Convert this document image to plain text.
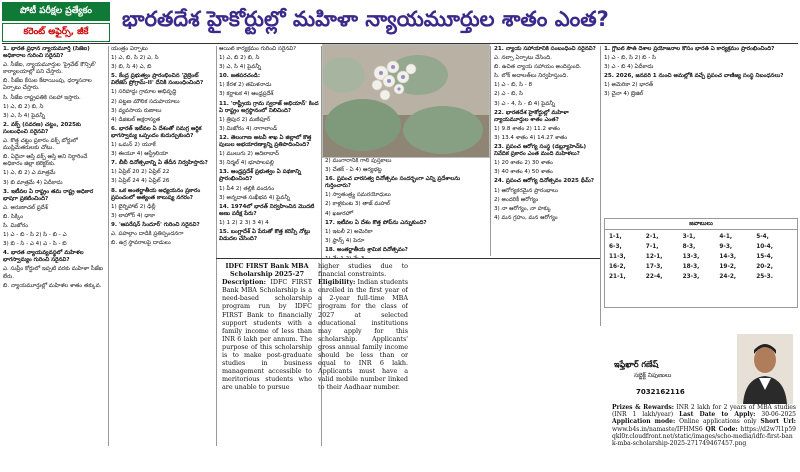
పోటీ పరీక్షల ప్రత్యేకం
కరెంట్ అఫైర్స్, జీకే
భారతదేశ హైకోర్టుల్లో మహిళా న్యాయమూర్తుల శాతం ఎంత?

1. భారత ప్రధాన న్యాయమూర్తి (సీజేఐ) అధికారాల గురించి సరైనవి?

ఎ. సీజేఐ, న్యాయమూర్తుల 'ప్రైవేట్ కౌన్సిల్' కార్యాలయాల్లో పని చేస్తారు.

బి. సీజేఐ కేసుల కేటాయింపు, ధర్మాసనాల ఏర్పాటు చేస్తారు.

సి. సీజేఐ రాష్ట్రపతికి సలహా ఇస్తారు.

1) ఎ, బి 2) బి, సి

3) ఎ, సి 4) పైవన్నీ

2. వక్ఫ్ (సవరణ) చట్టం, 2025కు సంబంధించి సరైనవి?

ఎ. కొత్త చట్టం ప్రకారం వక్ఫ్ బోర్డులో ముస్లిమేతరులకు చోటు.

బి. ఏదైనా ఆస్తి వక్ఫ్ ఆస్తి అని నిర్ధారించే అధికారం జిల్లా కలెక్టర్‌కు.

1) ఎ, బి 2) ఎ మాత్రమే

3) బి మాత్రమే 4) ఏదీకాదు

3. ఇటీవల ఏ రాష్ట్రం తమ రాష్ట్ర అధికార భాషగా ప్రకటించింది?

ఎ. అరుణాచల్ ప్రదేశ్

బి. సిక్కిం

సి. మిజోరం

1) ఎ - బి - సి 2) సి - బి - ఎ

3) బి - సి - ఎ 4) ఎ - సి - బి

4. భారత న్యాయవ్యవస్థలో మహిళల భాగస్వామ్యం గురించి సరైనవి?

ఎ. సుప్రీం కోర్టులో ఇప్పటి వరకు మహిళా సీజేఐ లేరు.

బి. న్యాయమూర్తుల్లో మహిళల శాతం తక్కువ.

యంత్రం ఏర్పాటు

1) ఎ, బి, సి 2) ఎ, సి

3) బి, సి 4) ఎ, బి

5. కేంద్ర ప్రభుత్వం ప్రారంభించిన 'వైబ్రెంట్ విలేజెస్ ప్రోగ్రామ్-II' దేనికి సంబంధించింది?

1) సరిహద్దు గ్రామాల అభివృద్ధి

2) పట్టణ మౌలిక సదుపాయాలు

3) వ్యవసాయ రుణాలు

4) డిజిటల్ అక్షరాస్యత

6. భారత్ ఇటీవల ఏ దేశంతో సమగ్ర ఆర్థిక భాగస్వామ్య ఒప్పందం కుదుర్చుకుంది?

1) ఒమన్ 2) యూకే

3) ఈయూ 4) ఆస్ట్రేలియా

7. బీబీ దినోత్సవాన్ని ఏ తేదీన నిర్వహిస్తారు?

1) ఏప్రిల్ 20 2) ఏప్రిల్ 22

3) ఏప్రిల్ 24 4) ఏప్రిల్ 26

8. ఒక అంతర్జాతీయ అధ్యయనం ప్రకారం ప్రపంచంలో అత్యంత కాలుష్య నగరం?

1) బైర్నిహాట్ 2) ఢిల్లీ

3) లాహోర్ 4) ఢాకా

9. 'ఆపరేషన్ సిందూర్' గురించి సరైనవి?

ఎ. పహల్గాం దాడికి ప్రతిస్పందనగా

బి. ఉగ్ర స్థావరాలపై దాడులు

ఆయిల్ కార్యక్రమం గురించి సరైనవి?

1) ఎ, బి 2) బి, సి

3) ఎ, సి 4) పైవన్నీ

10. జతపరచండి:

1) కేరళ 2) తమిళనాడు

3) కర్ణాటక 4) ఆంధ్రప్రదేశ్

11. 'రాష్ట్రీయ గ్రామ స్వరాజ్ అభియాన్' కింద ఏ రాష్ట్రం అగ్రస్థానంలో నిలిచింది?

1) త్రిపుర 2) మణిపూర్

3) మిజోరం 4) నాగాలాండ్

12. తెలంగాణ అటవీ శాఖ ఏ జిల్లాలో కొత్త పులుల అభయారణ్యాన్ని ప్రతిపాదించింది?

1) ములుగు 2) ఆదిలాబాద్

3) నిర్మల్ 4) భూపాలపల్లి

13. ఆంధ్రప్రదేశ్ ప్రభుత్వం ఏ పథకాన్ని ప్రారంభించింది?

1) పీ4 2) తల్లికి వందనం

3) అన్నదాత సుఖీభవ 4) పైవన్నీ

14. 1974లో భారత్ నిర్వహించిన మొదటి అణు పరీక్ష పేరు?

1) 1 2) 2 3) 3 4) 4

15. బంగ్లాదేశ్ ఏ పేరుతో కొత్త కరెన్సీ నోట్లు విడుదల చేసింది?

2) మంగారానికి గాలి పుస్తకాలు

3) చేతక్ - ఏ 4) ఆర్యభట్ట

16. ప్రపంచ వారసత్వ దినోత్సవం సందర్భంగా ఎన్ని ప్రదేశాలను గుర్తించారు?

1) స్వాతంత్ర్య సమరయోధులు

2) కాళ్లకుంట 3) తాజ్ మహల్

4) ఖజురహో

17. ఇటీవల ఏ దేశం కొత్త పోప్‌ను ఎన్నుకుంది?

1) ఇటలీ 2) అమెరికా

3) ఫ్రాన్స్ 4) పెరూ

18. అంతర్జాతీయ శ్రామిక దినోత్సవం?

21. న్యాయ సహాయానికి సంబంధించి సరైనవి?

ఎ. నల్సా ఏర్పాటు చేసింది.

బి. ఉచిత న్యాయ సహాయం అందిస్తుంది.

సి. లోక్ అదాలత్‌లు నిర్వహిస్తుంది.

1) ఎ - బి, సి - 8

2) ఎ - బి, సి

3) ఎ - 4, సి - బి 4) పైవన్నీ

22. భారతదేశ హైకోర్టుల్లో మహిళా న్యాయమూర్తుల శాతం ఎంత?

1) 9.8 శాతం 2) 11.2 శాతం

3) 13.4 శాతం 4) 14.27 శాతం

23. ప్రపంచ ఆరోగ్య సంస్థ (డబ్ల్యూహెచ్‌ఓ) నివేదిక ప్రకారం ఎంత మంది మహిళలు?

1) 20 శాతం 2) 30 శాతం

3) 40 శాతం 4) 50 శాతం

24. ప్రపంచ ఆరోగ్య దినోత్సవం 2025 థీమ్?

1) ఆరోగ్యకరమైన ప్రారంభాలు

2) అందరికీ ఆరోగ్యం

3) నా ఆరోగ్యం, నా హక్కు

4) మన గ్రహం, మన ఆరోగ్యం

1. గ్లోబల్ సౌత్ దేశాల ప్రయోజనాల కోసం భారత్ ఏ కార్యక్రమం ప్రారంభించింది?

1) ఎ - బి, సి 2) బి - సి

3) ఎ - బి 4) ఏదీకాదు

25. 2026, జనవరి 1 నుంచి అమల్లోకి వచ్చే ప్రపంచ వాణిజ్య సంస్థ నిబంధనలు?

1) అమెరికా 2) భారత్

3) చైనా 4) బ్రెజిల్

జవాబులు
1-1,	2-1,	3-1,	4-1,	5-4,
6-3,	7-1,	8-3,	9-3,	10-4,
11-3,	12-1,	13-3,	14-3,	15-4,
16-2,	17-3,	18-3,	19-2,	20-2,
21-1,	22-4,	23-3,	24-2,	25-3.
ఇఫ్తేఖార్ గణేష్
సబ్జెక్ట్ నిపుణులు
7032162116
IDFC FIRST Bank MBA Scholarship 2025-27
Description: IDFC FIRST Bank MBA Scholarship is a need-based scholarship program run by IDFC FIRST Bank to financially support students with a family income of less than INR 6 lakh per annum. The purpose of this scholarship is to make post-graduate studies in business management accessible to meritorious students who are unable to pursue
higher studies due to financial constraints.
Eligibility: Indian students enrolled in the first year of a 2-year full-time MBA program for the class of 2027 at selected educational institutions may apply for this scholarship. Applicants' gross annual family income should be less than or equal to INR 6 lakh. Applicants must have a valid mobile number linked to their Aadhaar number.
Prizes & Rewards: INR 2 lakh for 2 years of MBA studies (INR 1 lakh/year) Last Date to Apply: 30-06-2025 Application mode: Online applications only Short Url: www.b4s.in/namaste/IFHMS6 QR Code: https://d2w7l1p59qkl0r.cloudfront.net/static/images/scho-media/idfc-first-bank-mba-scholarship-2025-271749467457.png
